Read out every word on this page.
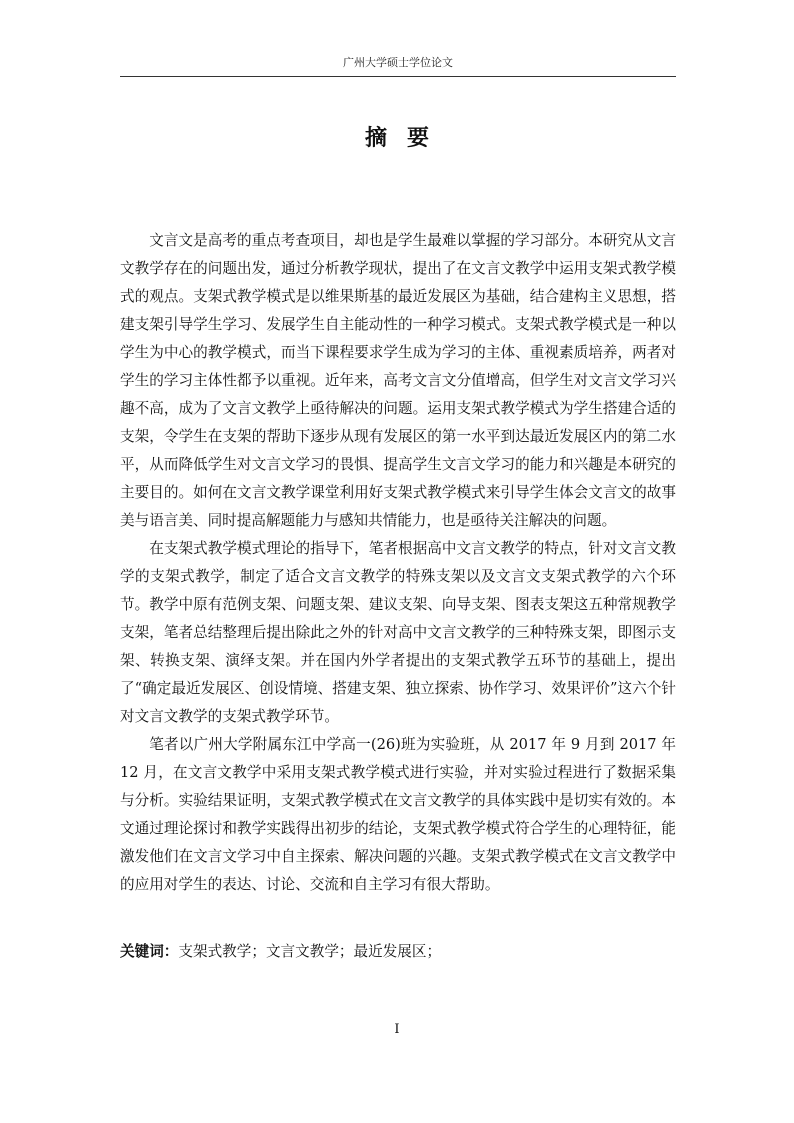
广州大学硕士学位论文
摘要

文言文是高考的重点考查项目，却也是学生最难以掌握的学习部分。本研究从文言文教学存在的问题出发，通过分析教学现状，提出了在文言文教学中运用支架式教学模式的观点。支架式教学模式是以维果斯基的最近发展区为基础，结合建构主义思想，搭建支架引导学生学习、发展学生自主能动性的一种学习模式。支架式教学模式是一种以学生为中心的教学模式，而当下课程要求学生成为学习的主体、重视素质培养，两者对学生的学习主体性都予以重视。近年来，高考文言文分值增高，但学生对文言文学习兴趣不高，成为了文言文教学上亟待解决的问题。运用支架式教学模式为学生搭建合适的支架，令学生在支架的帮助下逐步从现有发展区的第一水平到达最近发展区内的第二水平，从而降低学生对文言文学习的畏惧、提高学生文言文学习的能力和兴趣是本研究的主要目的。如何在文言文教学课堂利用好支架式教学模式来引导学生体会文言文的故事美与语言美、同时提高解题能力与感知共情能力，也是亟待关注解决的问题。

在支架式教学模式理论的指导下，笔者根据高中文言文教学的特点，针对文言文教学的支架式教学，制定了适合文言文教学的特殊支架以及文言文支架式教学的六个环节。教学中原有范例支架、问题支架、建议支架、向导支架、图表支架这五种常规教学支架，笔者总结整理后提出除此之外的针对高中文言文教学的三种特殊支架，即图示支架、转换支架、演绎支架。并在国内外学者提出的支架式教学五环节的基础上，提出了“确定最近发展区、创设情境、搭建支架、独立探索、协作学习、效果评价”这六个针对文言文教学的支架式教学环节。

笔者以广州大学附属东江中学高一(26)班为实验班，从 2017 年 9 月到 2017 年 12 月，在文言文教学中采用支架式教学模式进行实验，并对实验过程进行了数据采集与分析。实验结果证明，支架式教学模式在文言文教学的具体实践中是切实有效的。本文通过理论探讨和教学实践得出初步的结论，支架式教学模式符合学生的心理特征，能激发他们在文言文学习中自主探索、解决问题的兴趣。支架式教学模式在文言文教学中的应用对学生的表达、讨论、交流和自主学习有很大帮助。

关键词：支架式教学；文言文教学；最近发展区；
I
